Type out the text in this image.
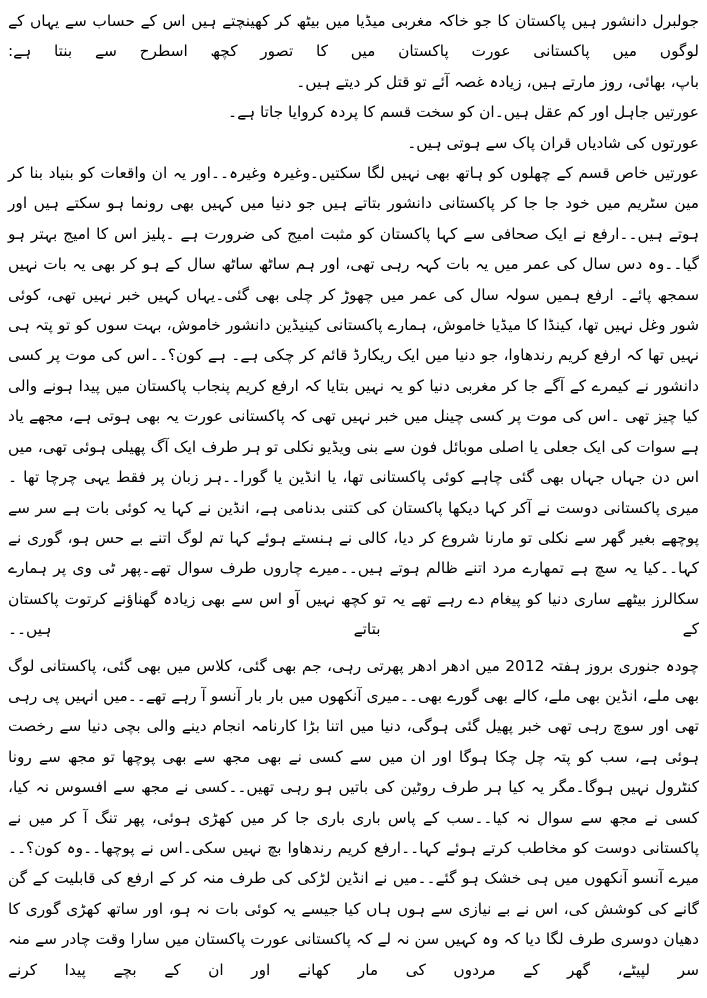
جولبرل دانشور ہیں پاکستان کا جو خاکہ مغربی میڈیا میں بیٹھ کر کھینچتے ہیں اس کے حساب سے یہاں کے لوگوں میں پاکستانی عورت پاکستان میں کا تصور کچھ اسطرح سے بنتا ہے:

باپ، بھائی، روز مارتے ہیں، زیادہ غصہ آئے تو قتل کر دیتے ہیں۔

عورتیں جاہل اور کم عقل ہیں۔ان کو سخت قسم کا پردہ کروایا جاتا ہے۔

عورتوں کی شادیاں قران پاک سے ہوتی ہیں۔

عورتیں خاص قسم کے چھلوں کو ہاتھ بھی نہیں لگا سکتیں۔وغیرہ وغیرہ۔۔اور یہ ان واقعات کو بنیاد بنا کر مین سٹریم میں خود جا جا کر پاکستانی دانشور بتاتے ہیں جو دنیا میں کہیں بھی رونما ہو سکتے ہیں اور ہوتے ہیں۔۔ارفع نے ایک صحافی سے کہا پاکستان کو مثبت امیج کی ضرورت ہے ۔پلیز اس کا امیج بہتر ہو گیا۔۔وہ دس سال کی عمر میں یہ بات کہہ رہی تھی، اور ہم ساٹھ ساٹھ سال کے ہو کر بھی یہ بات نہیں سمجھ پائے۔ ارفع ہمیں سولہ سال کی عمر میں چھوڑ کر چلی بھی گئی۔یہاں کہیں خبر نہیں تھی، کوئی شور وغل نہیں تھا، کینڈا کا میڈیا خاموش، ہمارے پاکستانی کینیڈین دانشور خاموش، بہت سوں کو تو پتہ ہی نہیں تھا کہ ارفع کریم رندھاوا، جو دنیا میں ایک ریکارڈ قائم کر چکی ہے۔ ہے کون؟۔۔اس کی موت پر کسی دانشور نے کیمرے کے آگے جا کر مغربی دنیا کو یہ نہیں بتایا کہ ارفع کریم پنجاب پاکستان میں پیدا ہونے والی کیا چیز تھی ۔اس کی موت پر کسی چینل میں خبر نہیں تھی کہ پاکستانی عورت یہ بھی ہوتی ہے، مجھے یاد ہے سوات کی ایک جعلی یا اصلی موبائل فون سے بنی ویڈیو نکلی تو ہر طرف ایک آگ پھیلی ہوئی تھی، میں اس دن جہاں جہاں بھی گئی چاہے کوئی پاکستانی تھا، یا انڈین یا گورا۔۔ہر زبان پر فقط یہی چرچا تھا ۔میری پاکستانی دوست نے آکر کہا دیکھا پاکستان کی کتنی بدنامی ہے، انڈین نے کہا یہ کوئی بات ہے سر سے پوچھے بغیر گھر سے نکلی تو مارنا شروع کر دیا، کالی نے ہنستے ہوئے کہا تم لوگ اتنے بے حس ہو، گوری نے کہا۔۔کیا یہ سچ ہے تمھارے مرد اتنے ظالم ہوتے ہیں۔۔میرے چاروں طرف سوال تھے۔پھر ٹی وی پر ہمارے سکالرز بیٹھے ساری دنیا کو پیغام دے رہے تھے یہ تو کچھ نہیں آو اس سے بھی زیادہ گھناؤنے کرتوت پاکستان کے بتاتے ہیں۔۔

چودہ جنوری بروز ہفتہ 2012 میں ادھر ادھر پھرتی رہی، جم بھی گئی، کلاس میں بھی گئی، پاکستانی لوگ بھی ملے، انڈین بھی ملے، کالے بھی گورے بھی۔۔میری آنکھوں میں بار بار آنسو آ رہے تھے۔۔میں انہیں پی رہی تھی اور سوچ رہی تھی خبر پھیل گئی ہوگی، دنیا میں اتنا بڑا کارنامہ انجام دینے والی بچی دنیا سے رخصت ہوئی ہے، سب کو پتہ چل چکا ہوگا اور ان میں سے کسی نے بھی مجھ سے بھی پوچھا تو مجھ سے رونا کنٹرول نہیں ہوگا۔مگر یہ کیا ہر طرف روٹین کی باتیں ہو رہی تھیں۔۔کسی نے مجھ سے افسوس نہ کیا، کسی نے مجھ سے سوال نہ کیا۔۔سب کے پاس باری باری جا کر میں کھڑی ہوئی، پھر تنگ آ کر میں نے پاکستانی دوست کو مخاطب کرتے ہوئے کہا۔۔ارفع کریم رندھاوا بچ نہیں سکی۔اس نے پوچھا۔۔وہ کون؟۔۔میرے آنسو آنکھوں میں ہی خشک ہو گئے۔۔میں نے انڈین لڑکی کی طرف منہ کر کے ارفع کی قابلیت کے گن گانے کی کوشش کی، اس نے بے نیازی سے ہوں ہاں کیا جیسے یہ کوئی بات نہ ہو، اور ساتھ کھڑی گوری کا دھیان دوسری طرف لگا دیا کہ وہ کہیں سن نہ لے کہ پاکستانی عورت پاکستان میں سارا وقت چادر سے منہ سر لپیٹے، گھر کے مردوں کی مار کھانے اور ان کے بچے پیدا کرنے
